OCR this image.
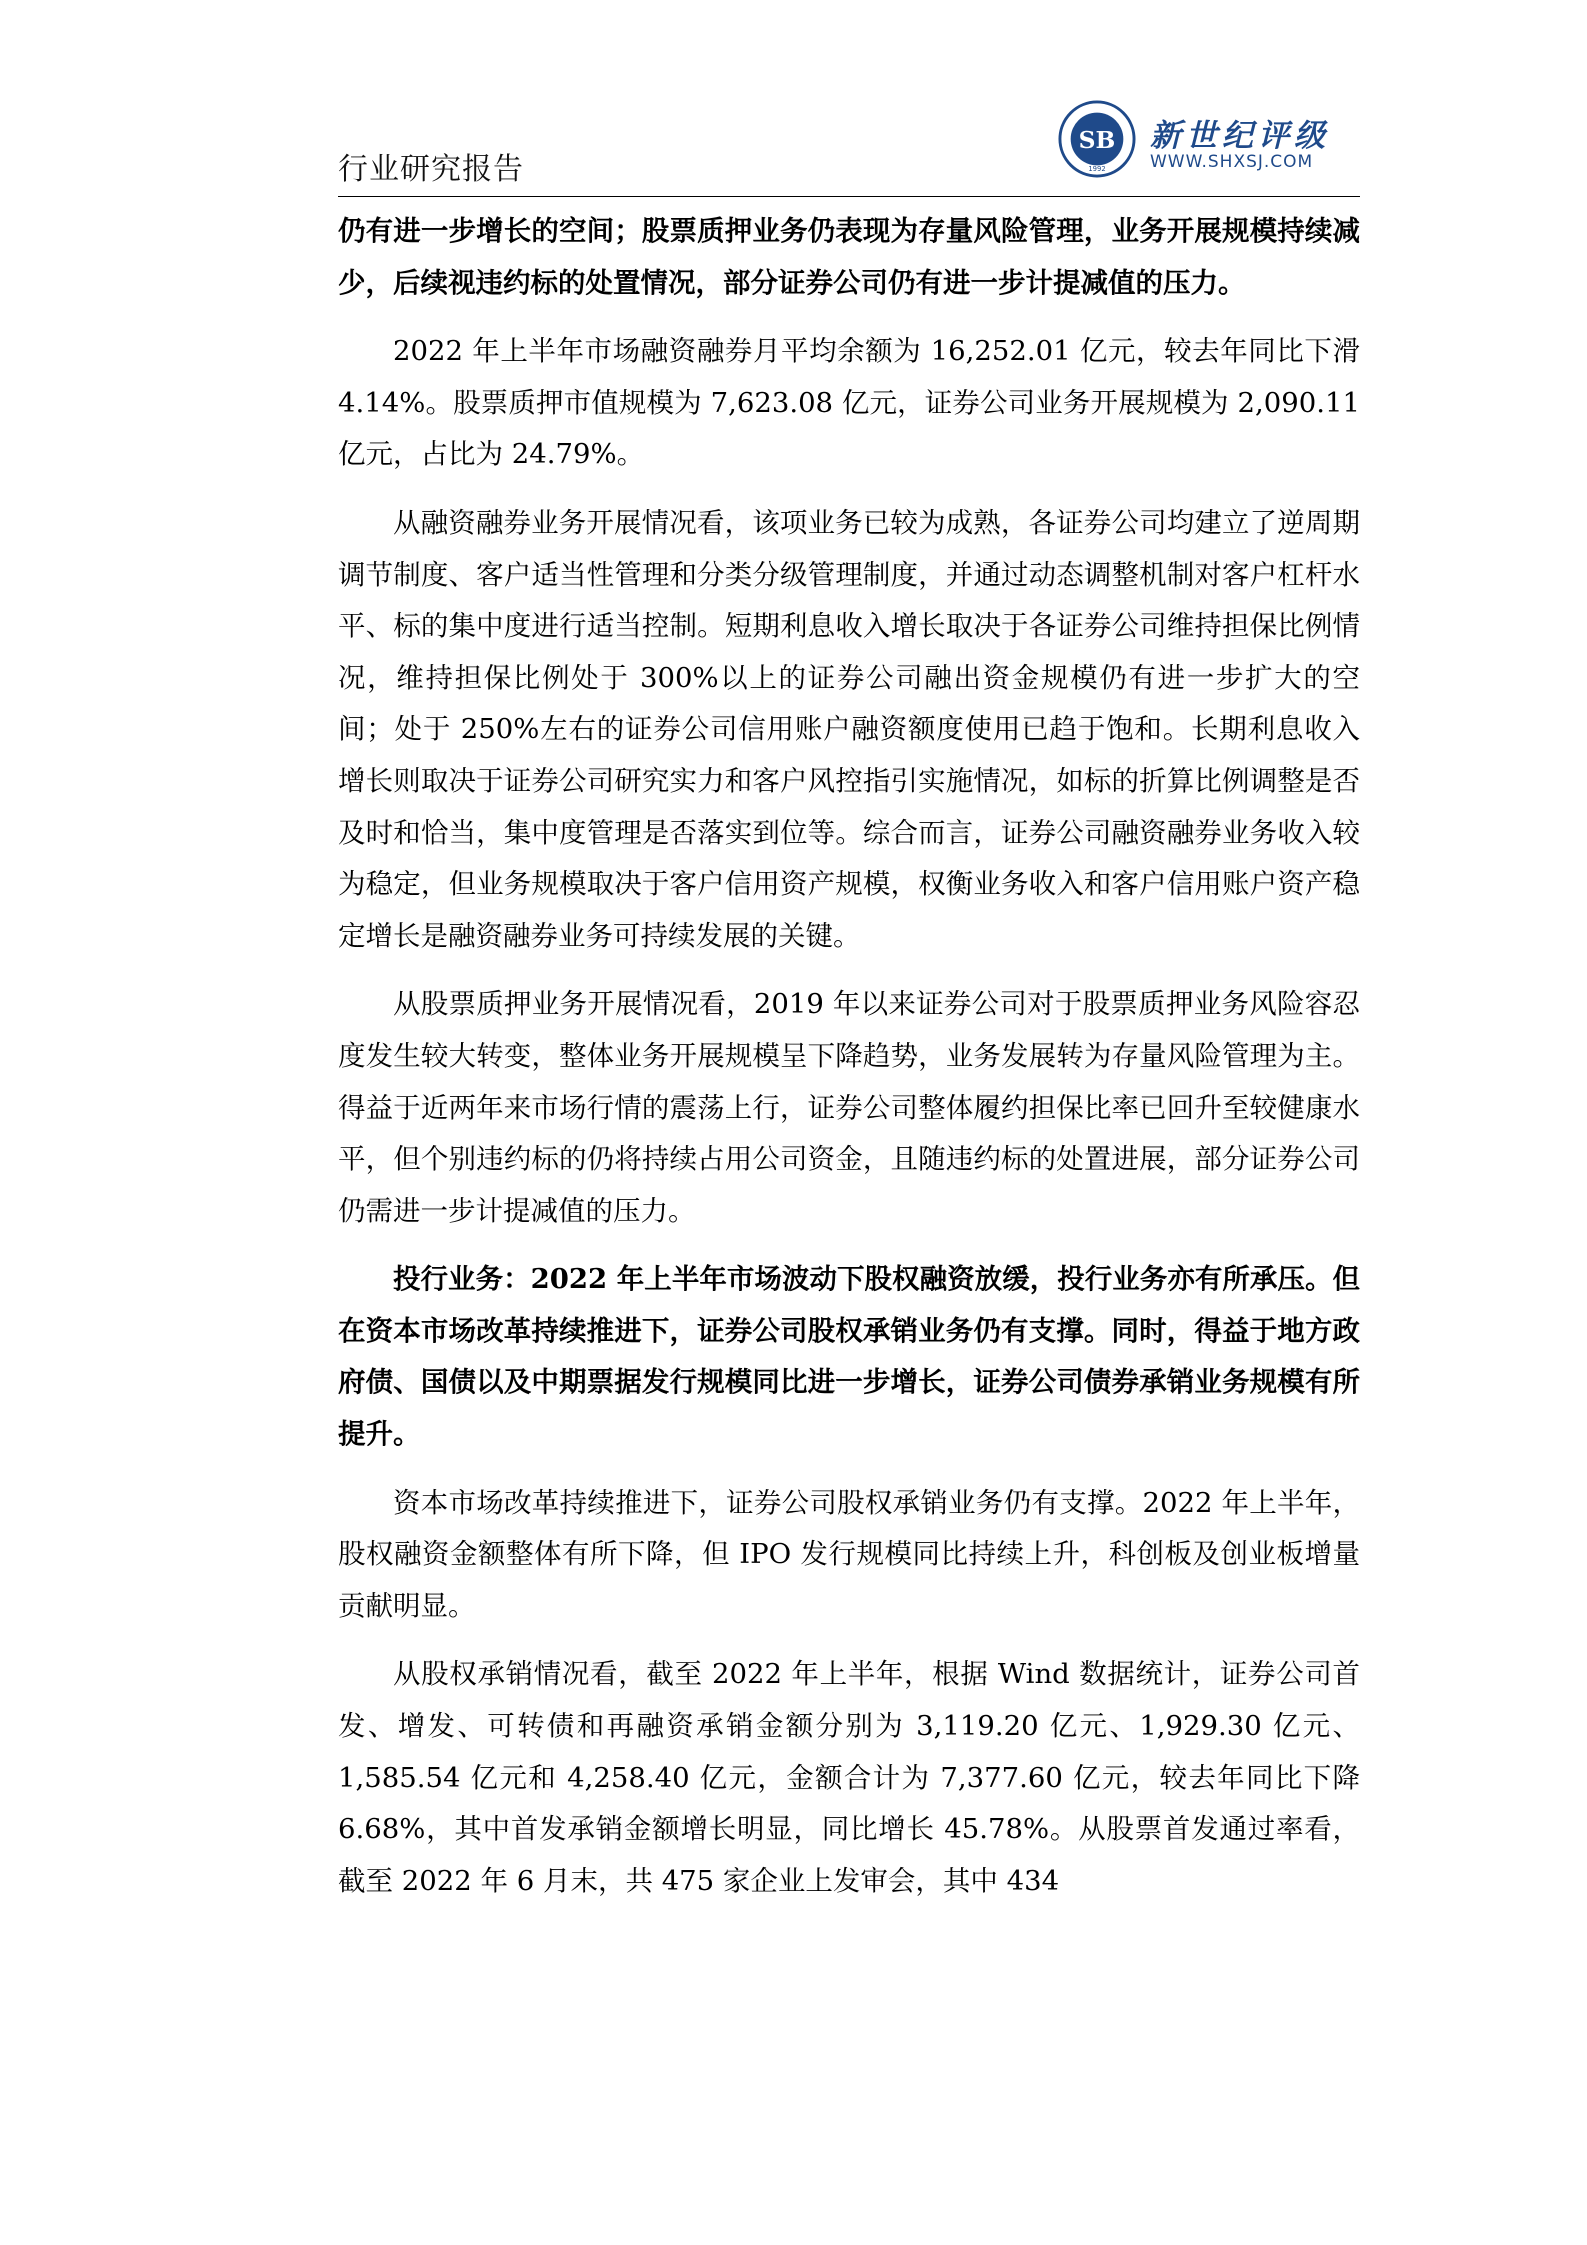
行业研究报告
SB
1992
新世纪评级
WWW.SHXSJ.COM

仍有进一步增长的空间；股票质押业务仍表现为存量风险管理，业务开展规模持续减少，后续视违约标的处置情况，部分证券公司仍有进一步计提减值的压力。

2022 年上半年市场融资融券月平均余额为 16,252.01 亿元，较去年同比下滑 4.14%。股票质押市值规模为 7,623.08 亿元，证券公司业务开展规模为 2,090.11 亿元，占比为 24.79%。

从融资融券业务开展情况看，该项业务已较为成熟，各证券公司均建立了逆周期调节制度、客户适当性管理和分类分级管理制度，并通过动态调整机制对客户杠杆水平、标的集中度进行适当控制。短期利息收入增长取决于各证券公司维持担保比例情况，维持担保比例处于 300%以上的证券公司融出资金规模仍有进一步扩大的空间；处于 250%左右的证券公司信用账户融资额度使用已趋于饱和。长期利息收入增长则取决于证券公司研究实力和客户风控指引实施情况，如标的折算比例调整是否及时和恰当，集中度管理是否落实到位等。综合而言，证券公司融资融券业务收入较为稳定，但业务规模取决于客户信用资产规模，权衡业务收入和客户信用账户资产稳定增长是融资融券业务可持续发展的关键。

从股票质押业务开展情况看，2019 年以来证券公司对于股票质押业务风险容忍度发生较大转变，整体业务开展规模呈下降趋势，业务发展转为存量风险管理为主。得益于近两年来市场行情的震荡上行，证券公司整体履约担保比率已回升至较健康水平，但个别违约标的仍将持续占用公司资金，且随违约标的处置进展，部分证券公司仍需进一步计提减值的压力。

投行业务：2022 年上半年市场波动下股权融资放缓，投行业务亦有所承压。但在资本市场改革持续推进下，证券公司股权承销业务仍有支撑。同时，得益于地方政府债、国债以及中期票据发行规模同比进一步增长，证券公司债券承销业务规模有所提升。

资本市场改革持续推进下，证券公司股权承销业务仍有支撑。2022 年上半年，股权融资金额整体有所下降，但 IPO 发行规模同比持续上升，科创板及创业板增量贡献明显。

从股权承销情况看，截至 2022 年上半年，根据 Wind 数据统计，证券公司首发、增发、可转债和再融资承销金额分别为 3,119.20 亿元、1,929.30 亿元、1,585.54 亿元和 4,258.40 亿元，金额合计为 7,377.60 亿元，较去年同比下降 6.68%，其中首发承销金额增长明显，同比增长 45.78%。从股票首发通过率看，截至 2022 年 6 月末，共 475 家企业上发审会，其中 434
